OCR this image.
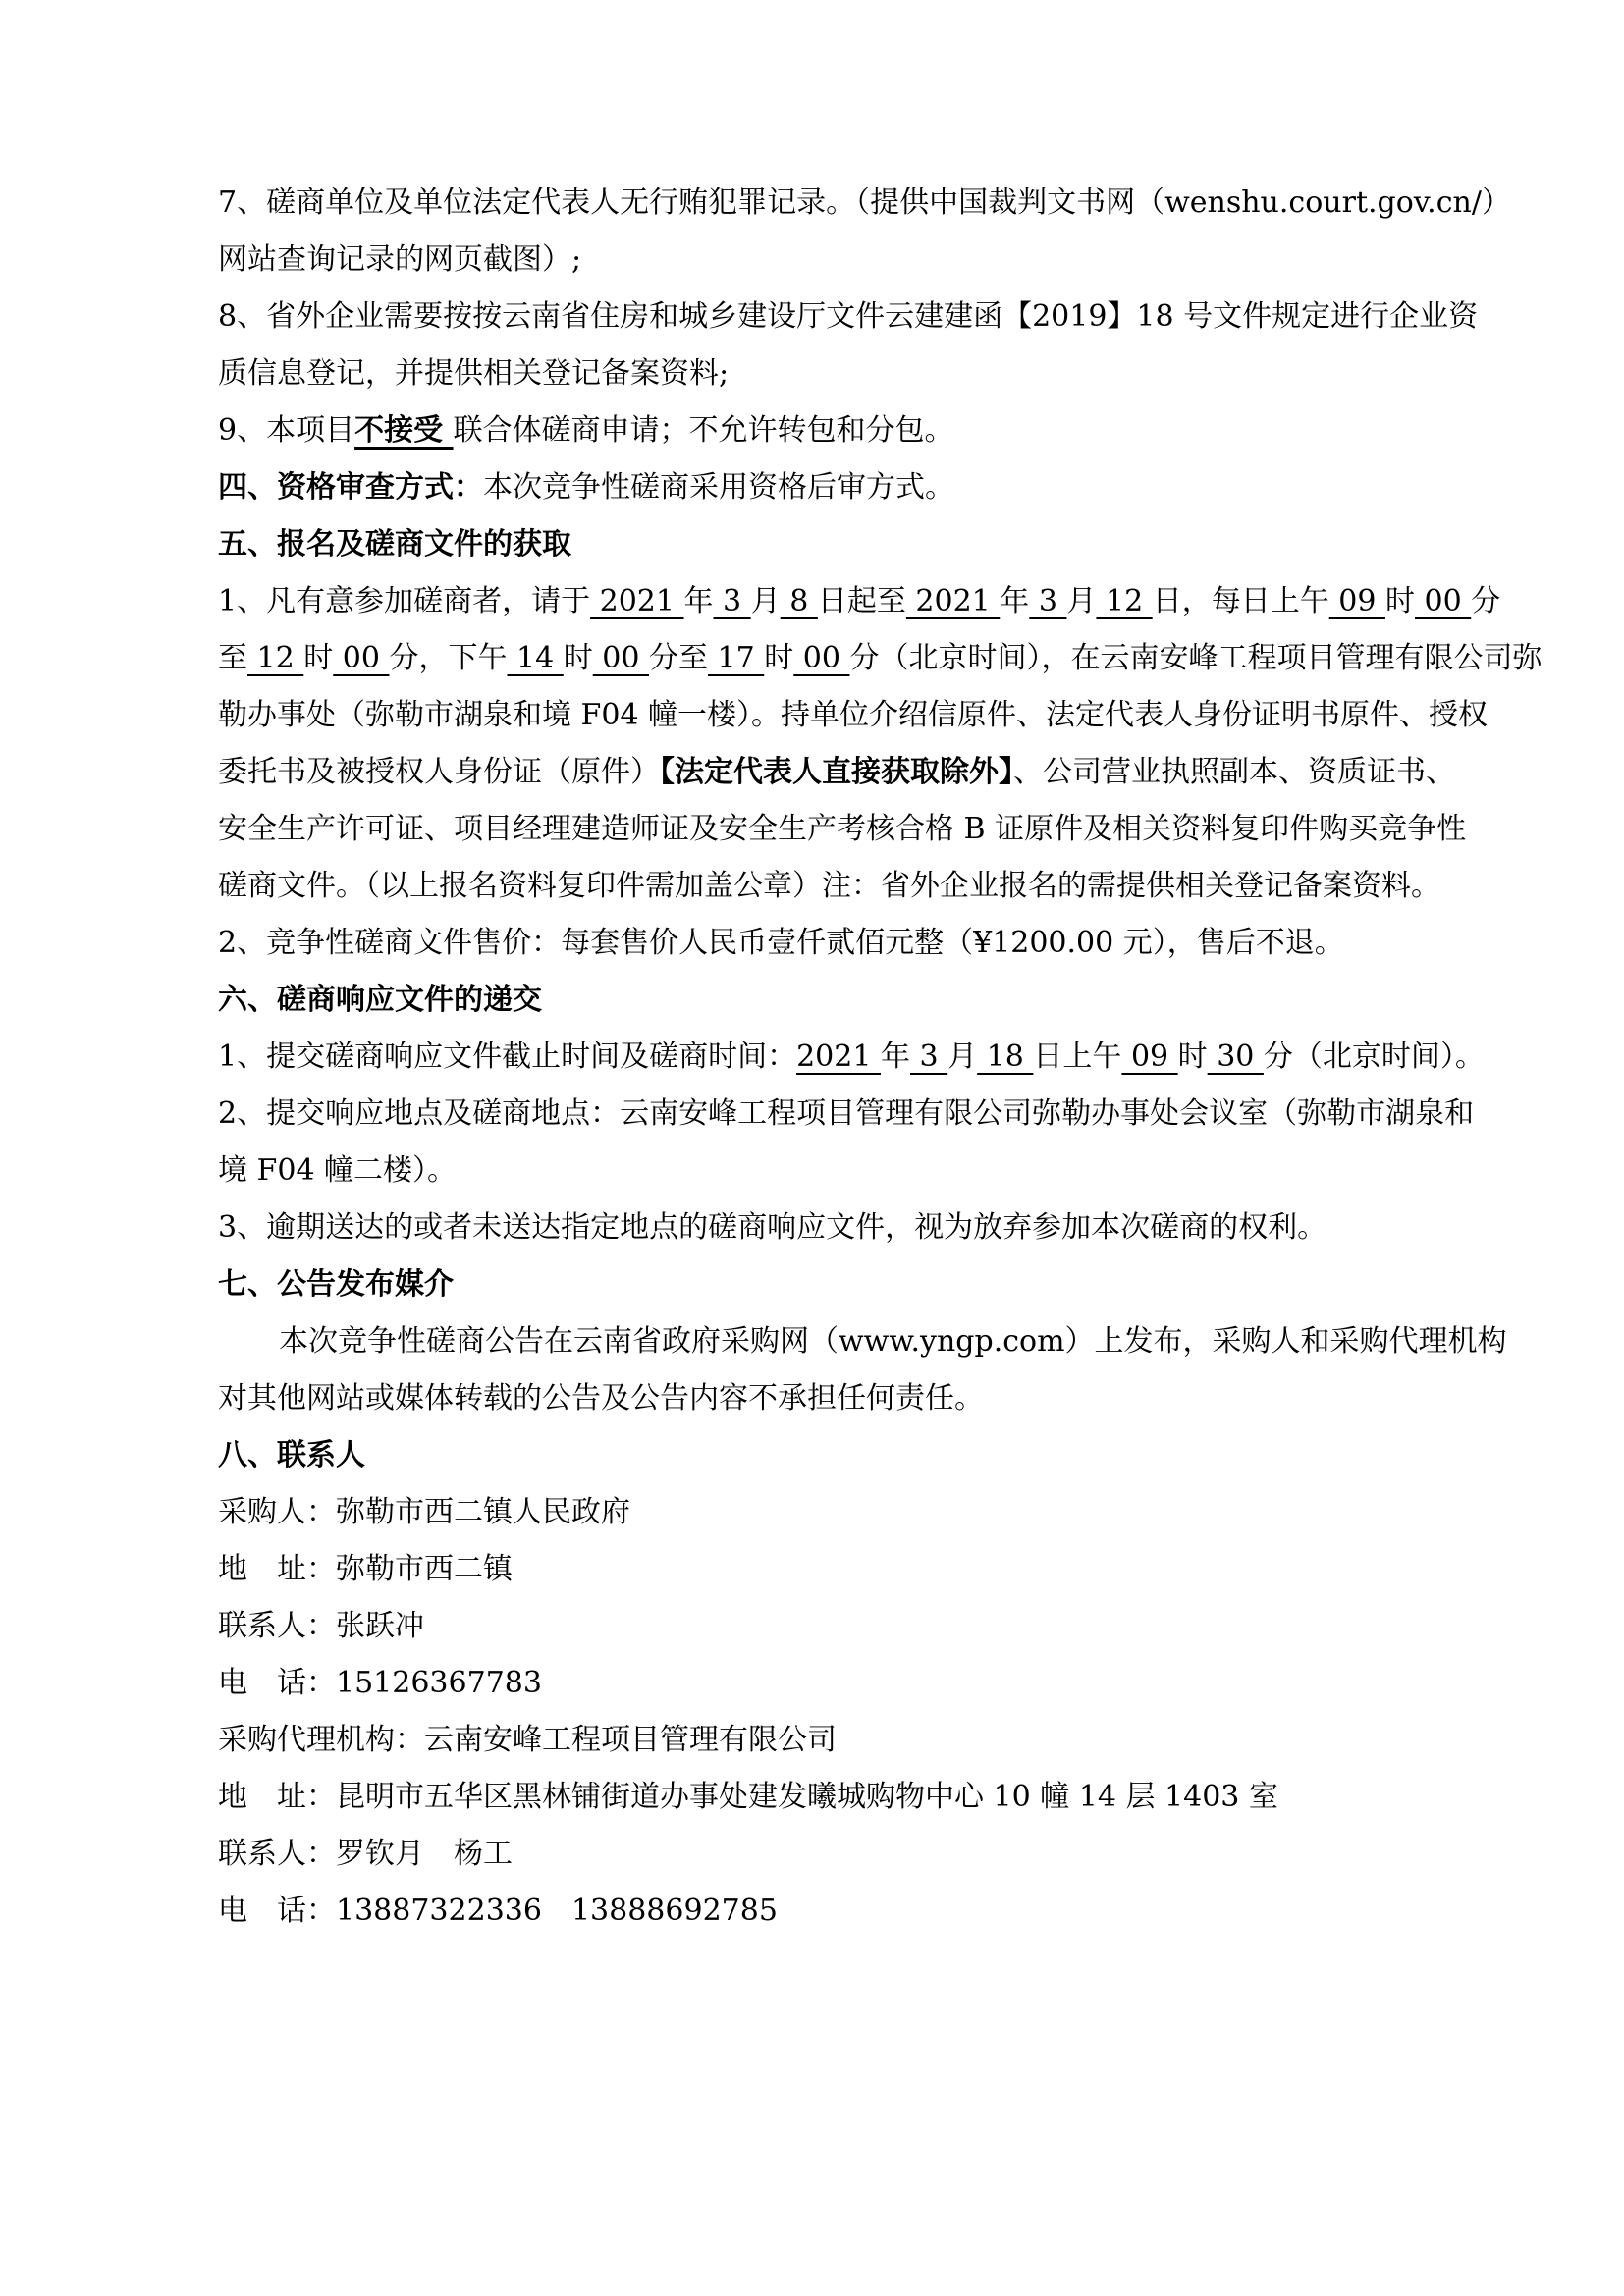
7、磋商单位及单位法定代表人无行贿犯罪记录。（提供中国裁判文书网（wenshu.court.gov.cn/）
网站查询记录的网页截图）;
8、省外企业需要按按云南省住房和城乡建设厅文件云建建函【2019】18 号文件规定进行企业资
质信息登记，并提供相关登记备案资料;
9、本项目不接受 联合体磋商申请；不允许转包和分包。
四、资格审查方式：本次竞争性磋商采用资格后审方式。
五、报名及磋商文件的获取
1、凡有意参加磋商者，请于 2021 年 3 月 8 日起至 2021 年 3 月 12 日，每日上午 09 时 00 分
至 12 时 00 分，下午 14 时 00 分至 17 时 00 分（北京时间），在云南安峰工程项目管理有限公司弥
勒办事处（弥勒市湖泉和境 F04 幢一楼）。持单位介绍信原件、法定代表人身份证明书原件、授权
委托书及被授权人身份证（原件）【法定代表人直接获取除外】、公司营业执照副本、资质证书、
安全生产许可证、项目经理建造师证及安全生产考核合格 B 证原件及相关资料复印件购买竞争性
磋商文件。（以上报名资料复印件需加盖公章）注：省外企业报名的需提供相关登记备案资料。
2、竞争性磋商文件售价：每套售价人民币壹仟贰佰元整（¥1200.00 元），售后不退。
六、磋商响应文件的递交
1、提交磋商响应文件截止时间及磋商时间：2021 年 3 月 18 日上午 09 时 30 分（北京时间）。
2、提交响应地点及磋商地点：云南安峰工程项目管理有限公司弥勒办事处会议室（弥勒市湖泉和
境 F04 幢二楼）。
3、逾期送达的或者未送达指定地点的磋商响应文件，视为放弃参加本次磋商的权利。
七、公告发布媒介
本次竞争性磋商公告在云南省政府采购网（www.yngp.com）上发布，采购人和采购代理机构
对其他网站或媒体转载的公告及公告内容不承担任何责任。
八、联系人
采购人：弥勒市西二镇人民政府
地　址：弥勒市西二镇
联系人：张跃冲
电　话：15126367783
采购代理机构：云南安峰工程项目管理有限公司
地　址：昆明市五华区黑林铺街道办事处建发曦城购物中心 10 幢 14 层 1403 室
联系人：罗钦月　杨工
电　话：13887322336　13888692785
